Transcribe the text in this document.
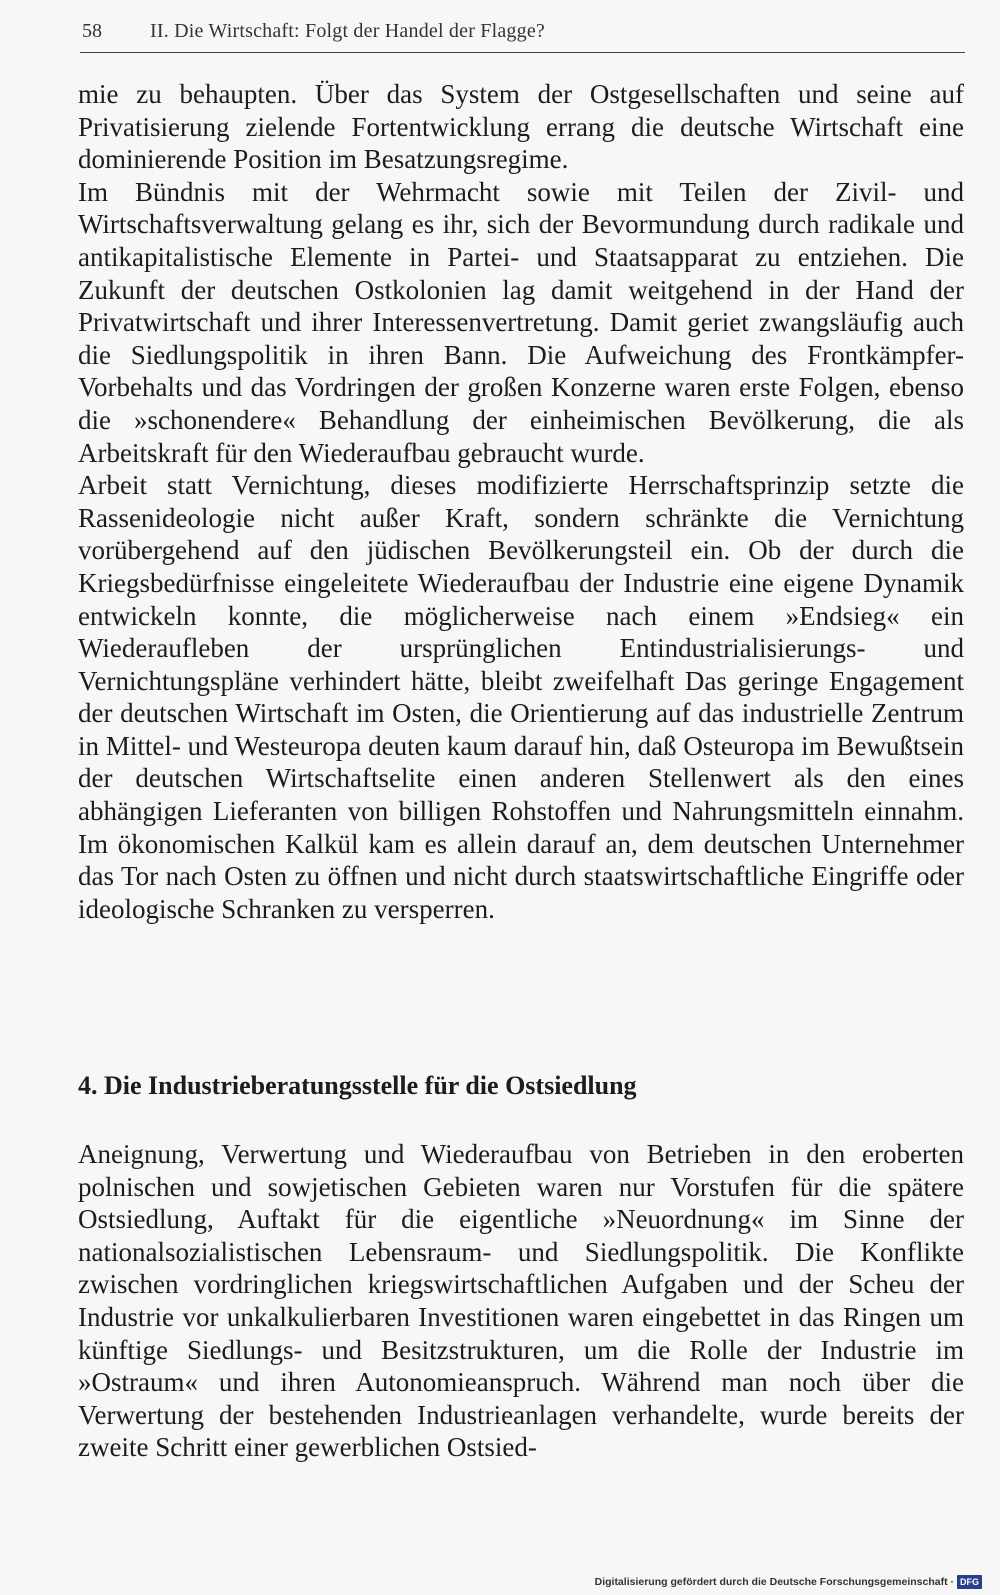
58 II. Die Wirtschaft: Folgt der Handel der Flagge?

mie zu behaupten. Über das System der Ostgesellschaften und seine auf Privatisierung zielende Fortentwicklung errang die deutsche Wirtschaft eine dominierende Position im Besatzungsregime.

Im Bündnis mit der Wehrmacht sowie mit Teilen der Zivil- und Wirtschaftsverwaltung gelang es ihr, sich der Bevormundung durch radikale und antikapitalistische Elemente in Partei- und Staatsapparat zu entziehen. Die Zukunft der deutschen Ostkolonien lag damit weitgehend in der Hand der Privatwirtschaft und ihrer Interessenvertretung. Damit geriet zwangsläufig auch die Siedlungspolitik in ihren Bann. Die Aufweichung des Frontkämpfer-Vorbehalts und das Vordringen der großen Konzerne waren erste Folgen, ebenso die »schonendere« Behandlung der einheimischen Bevölkerung, die als Arbeitskraft für den Wiederaufbau gebraucht wurde.

Arbeit statt Vernichtung, dieses modifizierte Herrschaftsprinzip setzte die Rassenideologie nicht außer Kraft, sondern schränkte die Vernichtung vorübergehend auf den jüdischen Bevölkerungsteil ein. Ob der durch die Kriegsbedürfnisse eingeleitete Wiederaufbau der Industrie eine eigene Dynamik entwickeln konnte, die möglicherweise nach einem »Endsieg« ein Wiederaufleben der ursprünglichen Entindustrialisierungs- und Vernichtungspläne verhindert hätte, bleibt zweifelhaft Das geringe Engagement der deutschen Wirtschaft im Osten, die Orientierung auf das industrielle Zentrum in Mittel- und Westeuropa deuten kaum darauf hin, daß Osteuropa im Bewußtsein der deutschen Wirtschaftselite einen anderen Stellenwert als den eines abhängigen Lieferanten von billigen Rohstoffen und Nahrungsmitteln einnahm. Im ökonomischen Kalkül kam es allein darauf an, dem deutschen Unternehmer das Tor nach Osten zu öffnen und nicht durch staatswirtschaftliche Eingriffe oder ideologische Schranken zu versperren.

4. Die Industrieberatungsstelle für die Ostsiedlung

Aneignung, Verwertung und Wiederaufbau von Betrieben in den eroberten polnischen und sowjetischen Gebieten waren nur Vorstufen für die spätere Ostsiedlung, Auftakt für die eigentliche »Neuordnung« im Sinne der nationalsozialistischen Lebensraum- und Siedlungspolitik. Die Konflikte zwischen vordringlichen kriegswirtschaftlichen Aufgaben und der Scheu der Industrie vor unkalkulierbaren Investitionen waren eingebettet in das Ringen um künftige Siedlungs- und Besitzstrukturen, um die Rolle der Industrie im »Ostraum« und ihren Autonomieanspruch. Während man noch über die Verwertung der bestehenden Industrieanlagen verhandelte, wurde bereits der zweite Schritt einer gewerblichen Ostsied-

Digitalisierung gefördert durch die Deutsche Forschungsgemeinschaft · DFG
